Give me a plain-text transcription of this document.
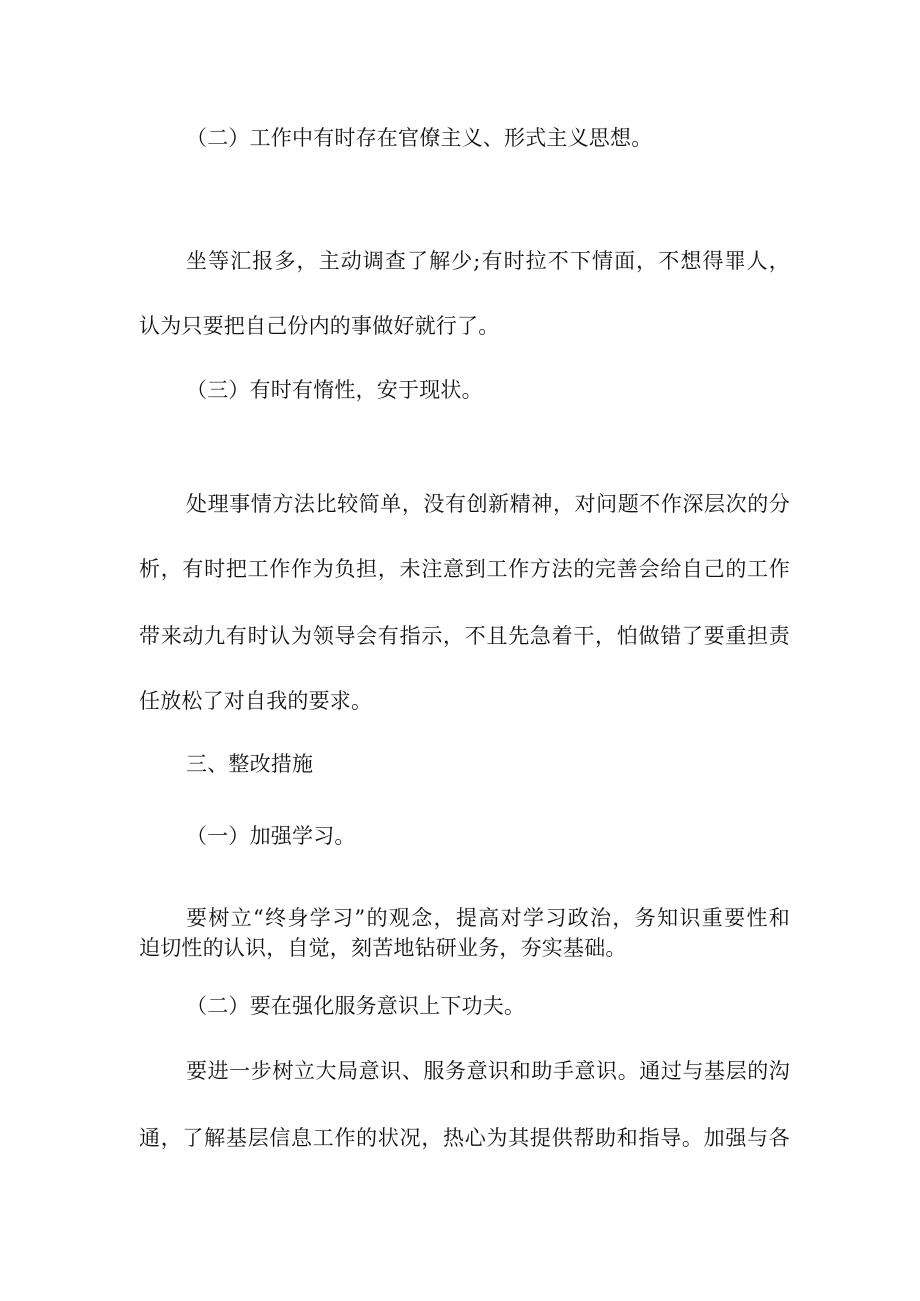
（二）工作中有时存在官僚主义、形式主义思想。
坐等汇报多，主动调查了解少;有时拉不下情面，不想得罪人，
认为只要把自己份内的事做好就行了。
（三）有时有惰性，安于现状。
处理事情方法比较简单，没有创新精神，对问题不作深层次的分
析，有时把工作作为负担，未注意到工作方法的完善会给自己的工作
带来动九有时认为领导会有指示，不且先急着干，怕做错了要重担责
任放松了对自我的要求。
三、整改措施
（一）加强学习。
要树立“终身学习”的观念，提高对学习政治，务知识重要性和
迫切性的认识，自觉，刻苦地钻研业务，夯实基础。
（二）要在强化服务意识上下功夫。
要进一步树立大局意识、服务意识和助手意识。通过与基层的沟
通，了解基层信息工作的状况，热心为其提供帮助和指导。加强与各
